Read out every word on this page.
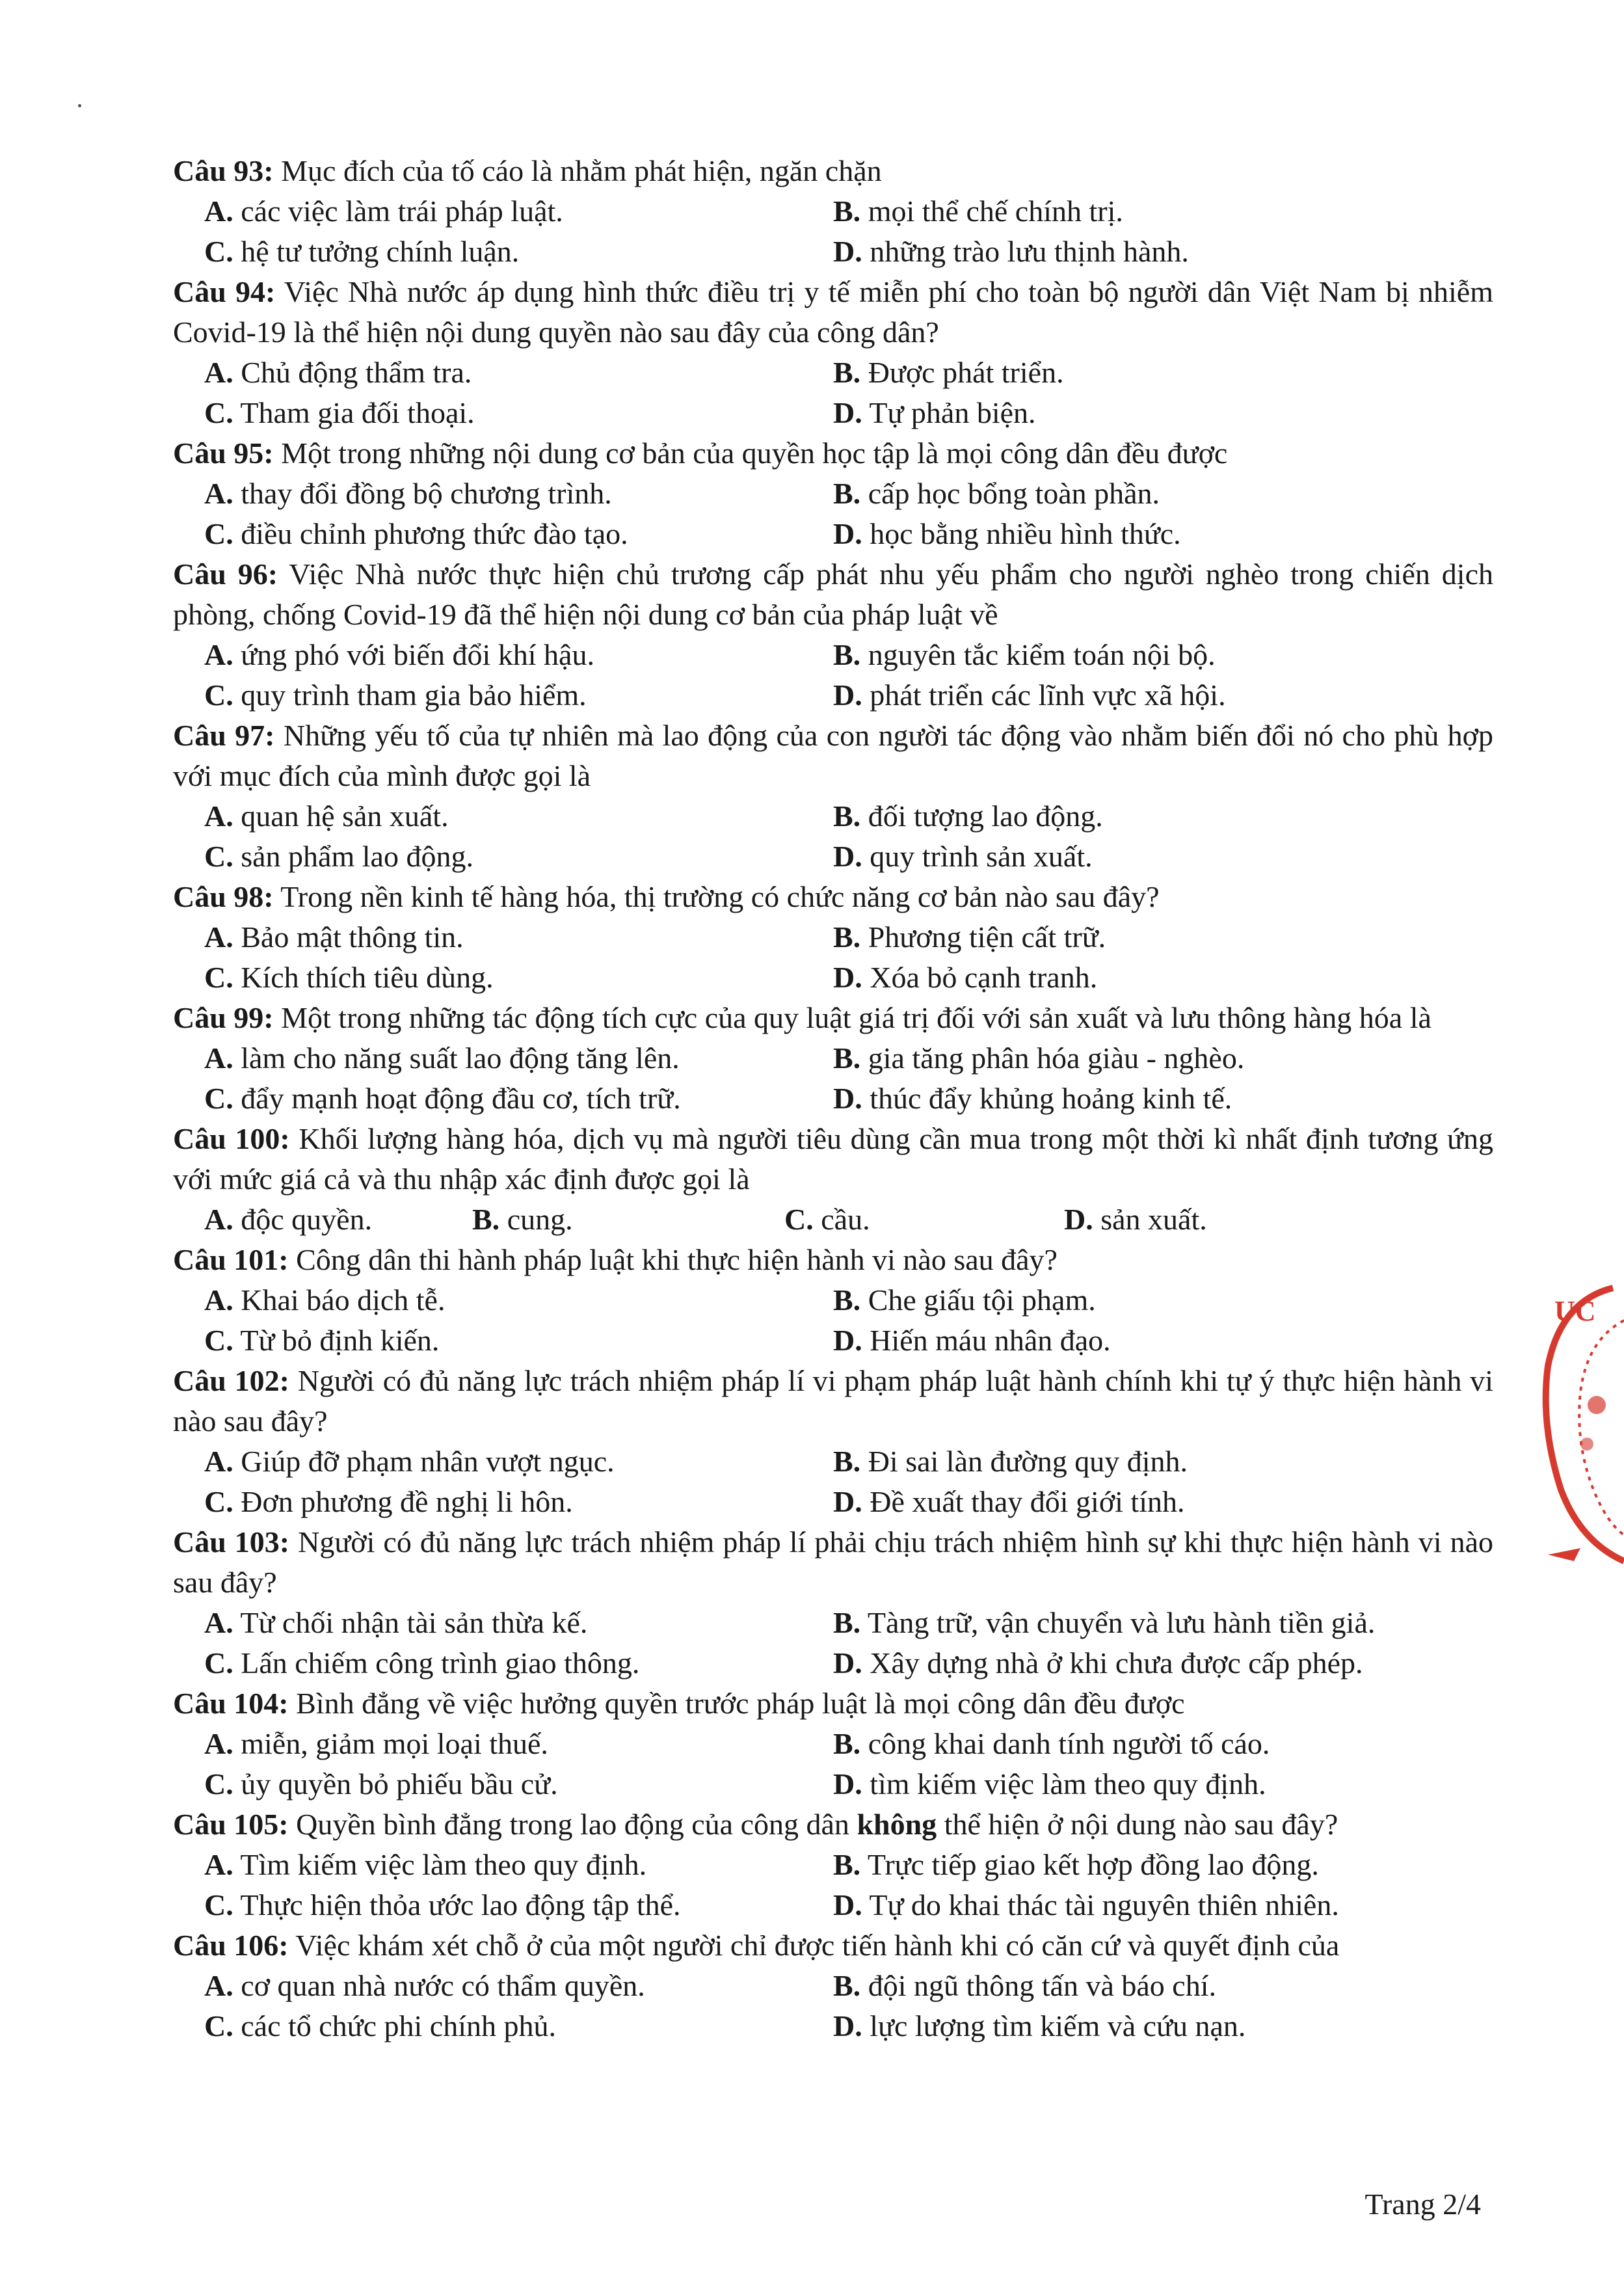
Câu 93: Mục đích của tố cáo là nhằm phát hiện, ngăn chặn
A. các việc làm trái pháp luật.	B. mọi thể chế chính trị.
C. hệ tư tưởng chính luận.	D. những trào lưu thịnh hành.
Câu 94: Việc Nhà nước áp dụng hình thức điều trị y tế miễn phí cho toàn bộ người dân Việt Nam bị nhiễm Covid-19 là thể hiện nội dung quyền nào sau đây của công dân?
A. Chủ động thẩm tra.	B. Được phát triển.
C. Tham gia đối thoại.	D. Tự phản biện.
Câu 95: Một trong những nội dung cơ bản của quyền học tập là mọi công dân đều được
A. thay đổi đồng bộ chương trình.	B. cấp học bổng toàn phần.
C. điều chỉnh phương thức đào tạo.	D. học bằng nhiều hình thức.
Câu 96: Việc Nhà nước thực hiện chủ trương cấp phát nhu yếu phẩm cho người nghèo trong chiến dịch phòng, chống Covid-19 đã thể hiện nội dung cơ bản của pháp luật về
A. ứng phó với biến đổi khí hậu.	B. nguyên tắc kiểm toán nội bộ.
C. quy trình tham gia bảo hiểm.	D. phát triển các lĩnh vực xã hội.
Câu 97: Những yếu tố của tự nhiên mà lao động của con người tác động vào nhằm biến đổi nó cho phù hợp với mục đích của mình được gọi là
A. quan hệ sản xuất.	B. đối tượng lao động.
C. sản phẩm lao động.	D. quy trình sản xuất.
Câu 98: Trong nền kinh tế hàng hóa, thị trường có chức năng cơ bản nào sau đây?
A. Bảo mật thông tin.	B. Phương tiện cất trữ.
C. Kích thích tiêu dùng.	D. Xóa bỏ cạnh tranh.
Câu 99: Một trong những tác động tích cực của quy luật giá trị đối với sản xuất và lưu thông hàng hóa là
A. làm cho năng suất lao động tăng lên.	B. gia tăng phân hóa giàu - nghèo.
C. đẩy mạnh hoạt động đầu cơ, tích trữ.	D. thúc đẩy khủng hoảng kinh tế.
Câu 100: Khối lượng hàng hóa, dịch vụ mà người tiêu dùng cần mua trong một thời kì nhất định tương ứng với mức giá cả và thu nhập xác định được gọi là
A. độc quyền.	B. cung.	C. cầu.	D. sản xuất.
Câu 101: Công dân thi hành pháp luật khi thực hiện hành vi nào sau đây?
A. Khai báo dịch tễ.	B. Che giấu tội phạm.
C. Từ bỏ định kiến.	D. Hiến máu nhân đạo.
Câu 102: Người có đủ năng lực trách nhiệm pháp lí vi phạm pháp luật hành chính khi tự ý thực hiện hành vi nào sau đây?
A. Giúp đỡ phạm nhân vượt ngục.	B. Đi sai làn đường quy định.
C. Đơn phương đề nghị li hôn.	D. Đề xuất thay đổi giới tính.
Câu 103: Người có đủ năng lực trách nhiệm pháp lí phải chịu trách nhiệm hình sự khi thực hiện hành vi nào sau đây?
A. Từ chối nhận tài sản thừa kế.	B. Tàng trữ, vận chuyển và lưu hành tiền giả.
C. Lấn chiếm công trình giao thông.	D. Xây dựng nhà ở khi chưa được cấp phép.
Câu 104: Bình đẳng về việc hưởng quyền trước pháp luật là mọi công dân đều được
A. miễn, giảm mọi loại thuế.	B. công khai danh tính người tố cáo.
C. ủy quyền bỏ phiếu bầu cử.	D. tìm kiếm việc làm theo quy định.
Câu 105: Quyền bình đẳng trong lao động của công dân không thể hiện ở nội dung nào sau đây?
A. Tìm kiếm việc làm theo quy định.	B. Trực tiếp giao kết hợp đồng lao động.
C. Thực hiện thỏa ước lao động tập thể.	D. Tự do khai thác tài nguyên thiên nhiên.
Câu 106: Việc khám xét chỗ ở của một người chỉ được tiến hành khi có căn cứ và quyết định của
A. cơ quan nhà nước có thẩm quyền.	B. đội ngũ thông tấn và báo chí.
C. các tổ chức phi chính phủ.	D. lực lượng tìm kiếm và cứu nạn.
Trang 2/4
ỤC
